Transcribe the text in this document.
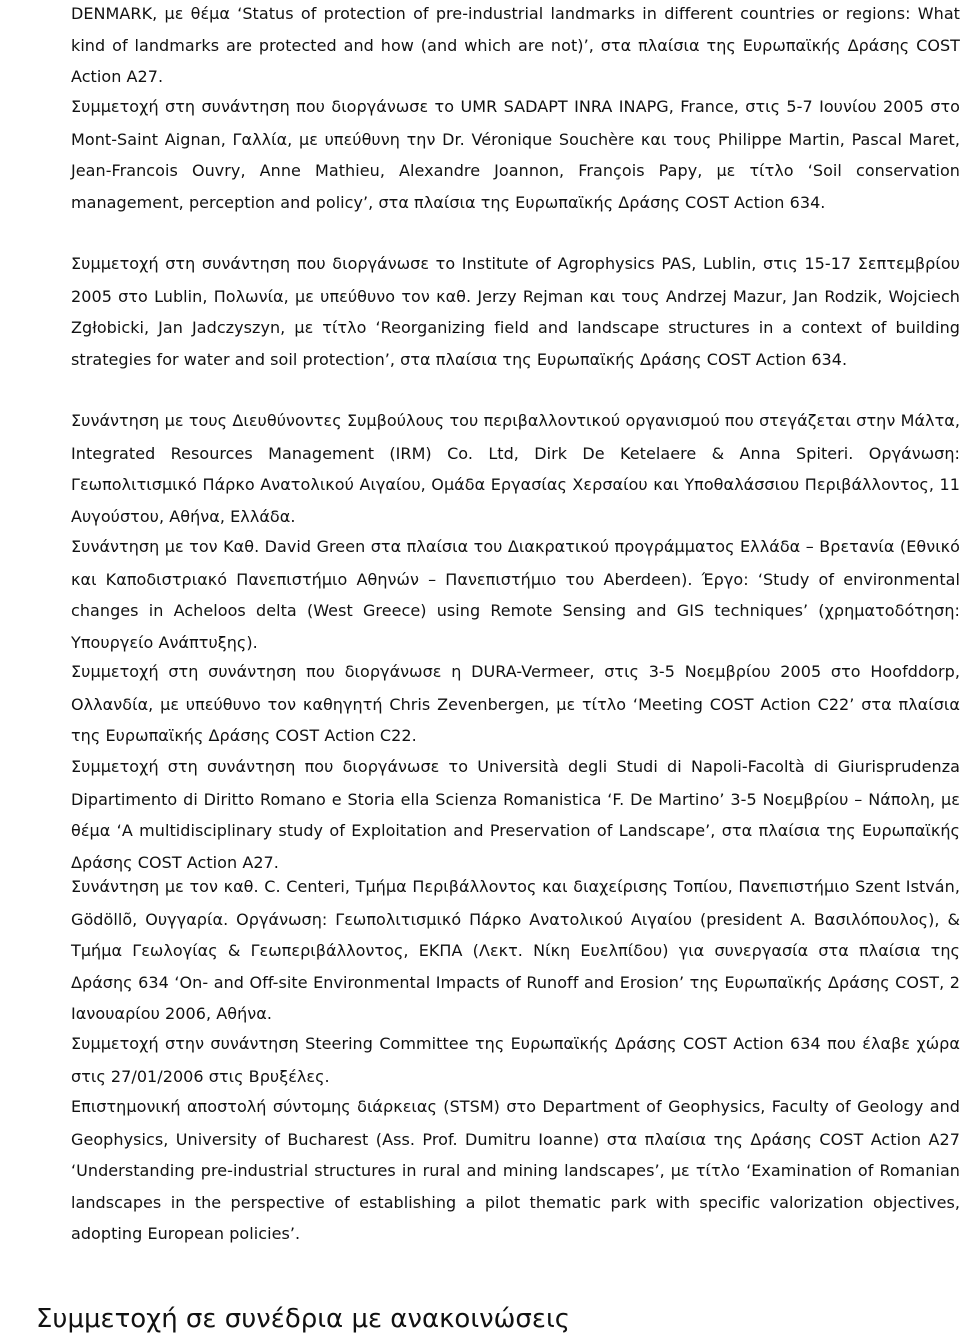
DENMARK, με θέμα ‘Status of protection of pre-industrial landmarks in different countries or regions: What kind of landmarks are protected and how (and which are not)’, στα πλαίσια της Ευρωπαϊκής Δράσης COST Action A27.
Συμμετοχή στη συνάντηση που διοργάνωσε το UMR SADAPT INRA INAPG, France, στις 5-7 Ιουνίου 2005 στο Mont-Saint Aignan, Γαλλία, με υπεύθυνη την Dr. Véronique Souchère και τους Philippe Martin, Pascal Maret, Jean-Francois Ouvry, Anne Mathieu, Alexandre Joannon, François Papy, με τίτλο ‘Soil conservation management, perception and policy’, στα πλαίσια της Ευρωπαϊκής Δράσης COST Action 634.
Συμμετοχή στη συνάντηση που διοργάνωσε το Institute of Agrophysics PAS, Lublin, στις 15-17 Σεπτεμβρίου 2005 στο Lublin, Πολωνία, με υπεύθυνο τον καθ. Jerzy Rejman και τους Andrzej Mazur, Jan Rodzik, Wojciech Zgłobicki, Jan Jadczyszyn, με τίτλο ‘Reorganizing field and landscape structures in a context of building strategies for water and soil protection’, στα πλαίσια της Ευρωπαϊκής Δράσης COST Action 634.
Συνάντηση με τους Διευθύνοντες Συμβούλους του περιβαλλοντικού οργανισμού που στεγάζεται στην Μάλτα, Integrated Resources Management (IRM) Co. Ltd, Dirk De Ketelaere & Anna Spiteri. Οργάνωση: Γεωπολιτισμικό Πάρκο Ανατολικού Αιγαίου, Ομάδα Εργασίας Χερσαίου και Υποθαλάσσιου Περιβάλλοντος, 11 Αυγούστου, Αθήνα, Ελλάδα.
Συνάντηση με τον Καθ. David Green στα πλαίσια του Διακρατικού προγράμματος Ελλάδα – Βρετανία (Εθνικό και Καποδιστριακό Πανεπιστήμιο Αθηνών – Πανεπιστήμιο του Aberdeen). Έργο: ‘Study of environmental changes in Acheloos delta (West Greece) using Remote Sensing and GIS techniques’ (χρηματοδότηση: Υπουργείο Ανάπτυξης).
Συμμετοχή στη συνάντηση που διοργάνωσε η DURA-Vermeer, στις 3-5 Νοεμβρίου 2005 στο Hoofddorp, Ολλανδία, με υπεύθυνο τον καθηγητή Chris Zevenbergen, με τίτλο ‘Meeting COST Action C22’ στα πλαίσια της Ευρωπαϊκής Δράσης COST Action C22.
Συμμετοχή στη συνάντηση που διοργάνωσε το Università degli Studi di Napoli-Facoltà di Giurisprudenza Dipartimento di Diritto Romano e Storia ella Scienza Romanistica ‘F. De Martino’ 3-5 Νοεμβρίου – Νάπολη, με θέμα ‘A multidisciplinary study of Exploitation and Preservation of Landscape’, στα πλαίσια της Ευρωπαϊκής Δράσης COST Action A27.
Συνάντηση με τον καθ. C. Centeri, Τμήμα Περιβάλλοντος και διαχείρισης Τοπίου, Πανεπιστήμιο Szent István, Gödöllõ, Ουγγαρία. Οργάνωση: Γεωπολιτισμικό Πάρκο Ανατολικού Αιγαίου (president A. Βασιλόπουλος), & Τμήμα Γεωλογίας & Γεωπεριβάλλοντος, ΕΚΠΑ (Λεκτ. Νίκη Ευελπίδου) για συνεργασία στα πλαίσια της Δράσης 634 ‘On- and Off-site Environmental Impacts of Runoff and Erosion’ της Ευρωπαϊκής Δράσης COST, 2 Ιανουαρίου 2006, Αθήνα.
Συμμετοχή στην συνάντηση Steering Committee της Ευρωπαϊκής Δράσης COST Action 634 που έλαβε χώρα στις 27/01/2006 στις Βρυξέλες.
Επιστημονική αποστολή σύντομης διάρκειας (STSM) στο Department of Geophysics, Faculty of Geology and Geophysics, University of Bucharest (Ass. Prof. Dumitru Ioanne) στα πλαίσια της Δράσης COST Action A27 ‘Understanding pre-industrial structures in rural and mining landscapes’, με τίτλο ‘Examination of Romanian landscapes in the perspective of establishing a pilot thematic park with specific valorization objectives, adopting European policies’.
Συμμετοχή σε συνέδρια με ανακοινώσεις
